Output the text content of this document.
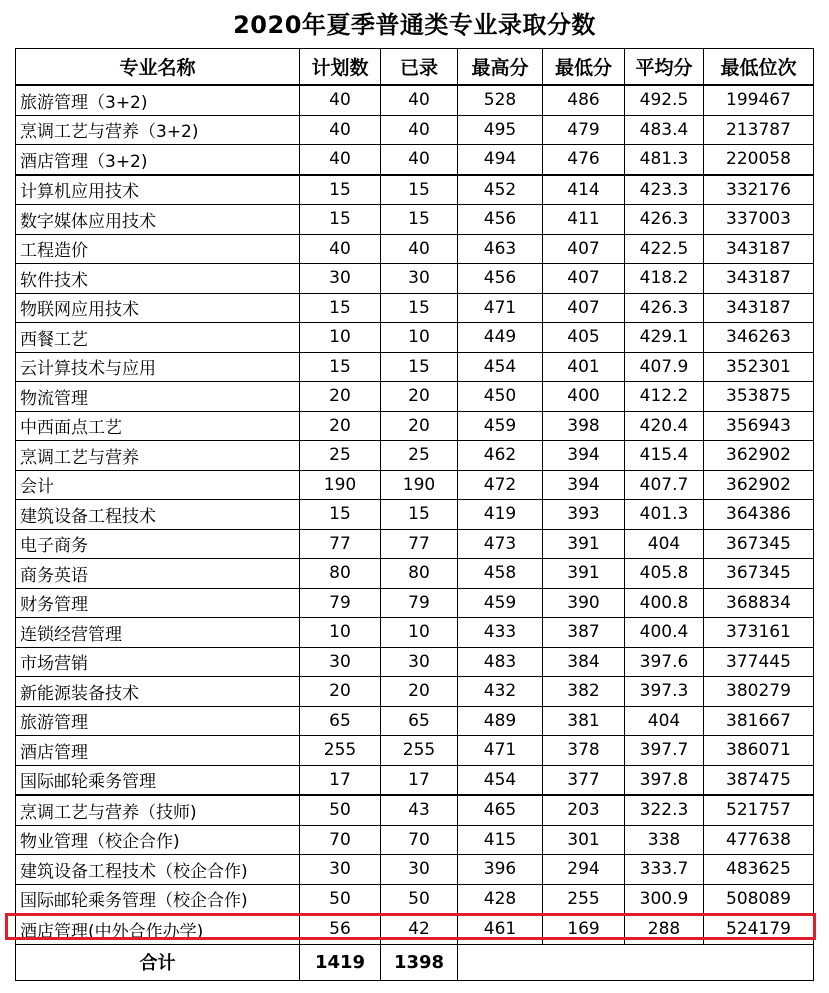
2020年夏季普通类专业录取分数
专业名称	计划数	已录	最高分	最低分	平均分	最低位次
旅游管理（3+2)	40	40	528	486	492.5	199467
烹调工艺与营养（3+2)	40	40	495	479	483.4	213787
酒店管理（3+2)	40	40	494	476	481.3	220058
计算机应用技术	15	15	452	414	423.3	332176
数字媒体应用技术	15	15	456	411	426.3	337003
工程造价	40	40	463	407	422.5	343187
软件技术	30	30	456	407	418.2	343187
物联网应用技术	15	15	471	407	426.3	343187
西餐工艺	10	10	449	405	429.1	346263
云计算技术与应用	15	15	454	401	407.9	352301
物流管理	20	20	450	400	412.2	353875
中西面点工艺	20	20	459	398	420.4	356943
烹调工艺与营养	25	25	462	394	415.4	362902
会计	190	190	472	394	407.7	362902
建筑设备工程技术	15	15	419	393	401.3	364386
电子商务	77	77	473	391	404	367345
商务英语	80	80	458	391	405.8	367345
财务管理	79	79	459	390	400.8	368834
连锁经营管理	10	10	433	387	400.4	373161
市场营销	30	30	483	384	397.6	377445
新能源装备技术	20	20	432	382	397.3	380279
旅游管理	65	65	489	381	404	381667
酒店管理	255	255	471	378	397.7	386071
国际邮轮乘务管理	17	17	454	377	397.8	387475
烹调工艺与营养（技师)	50	43	465	203	322.3	521757
物业管理（校企合作)	70	70	415	301	338	477638
建筑设备工程技术（校企合作)	30	30	396	294	333.7	483625
国际邮轮乘务管理（校企合作)	50	50	428	255	300.9	508089
酒店管理(中外合作办学)	56	42	461	169	288	524179
合计	1419	1398				
